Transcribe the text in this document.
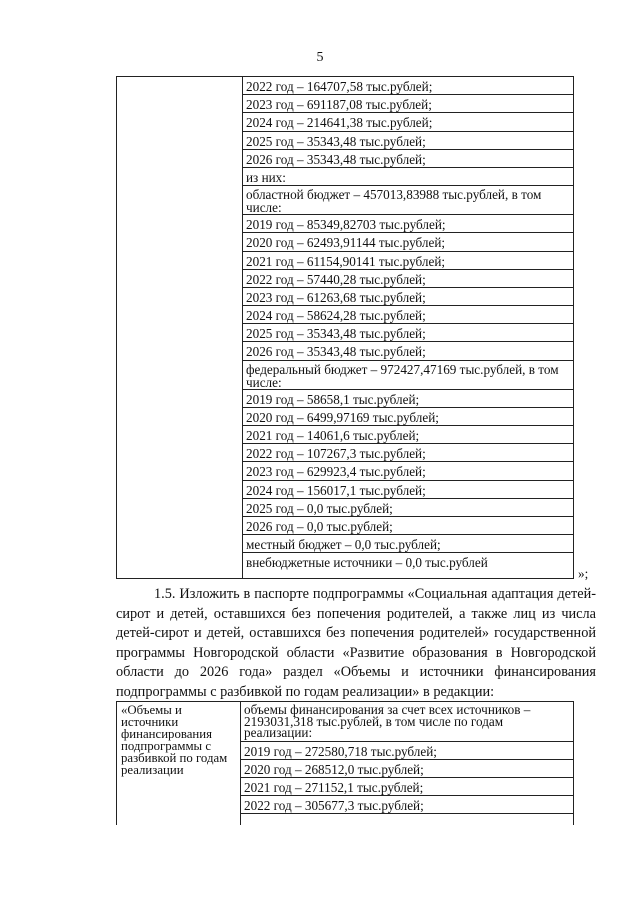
5
2022 год – 164707,58 тыс.рублей;
2023 год – 691187,08 тыс.рублей;
2024 год – 214641,38 тыс.рублей;
2025 год – 35343,48 тыс.рублей;
2026 год – 35343,48 тыс.рублей;
из них:
областной бюджет – 457013,83988 тыс.рублей, в том числе:
2019 год – 85349,82703 тыс.рублей;
2020 год – 62493,91144 тыс.рублей;
2021 год – 61154,90141 тыс.рублей;
2022 год – 57440,28 тыс.рублей;
2023 год – 61263,68 тыс.рублей;
2024 год – 58624,28 тыс.рублей;
2025 год – 35343,48 тыс.рублей;
2026 год – 35343,48 тыс.рублей;
федеральный бюджет – 972427,47169 тыс.рублей, в том числе:
2019 год – 58658,1 тыс.рублей;
2020 год – 6499,97169 тыс.рублей;
2021 год – 14061,6 тыс.рублей;
2022 год – 107267,3 тыс.рублей;
2023 год – 629923,4 тыс.рублей;
2024 год – 156017,1 тыс.рублей;
2025 год – 0,0 тыс.рублей;
2026 год – 0,0 тыс.рублей;
местный бюджет – 0,0 тыс.рублей;
внебюджетные источники – 0,0 тыс.рублей
»;
1.5. Изложить в паспорте подпрограммы «Социальная адаптация детей-
сирот и детей, оставшихся без попечения родителей, а также лиц из числа
детей-сирот и детей, оставшихся без попечения родителей» государственной
программы Новгородской области «Развитие образования в Новгородской
области до 2026 года» раздел «Объемы и источники финансирования
подпрограммы с разбивкой по годам реализации» в редакции:
«Объемы и источники финансирования подпрограммы с разбивкой по годам реализации
объемы финансирования за счет всех источников – 2193031,318 тыс.рублей, в том числе по годам реализации:
2019 год – 272580,718 тыс.рублей;
2020 год – 268512,0 тыс.рублей;
2021 год – 271152,1 тыс.рублей;
2022 год – 305677,3 тыс.рублей;
